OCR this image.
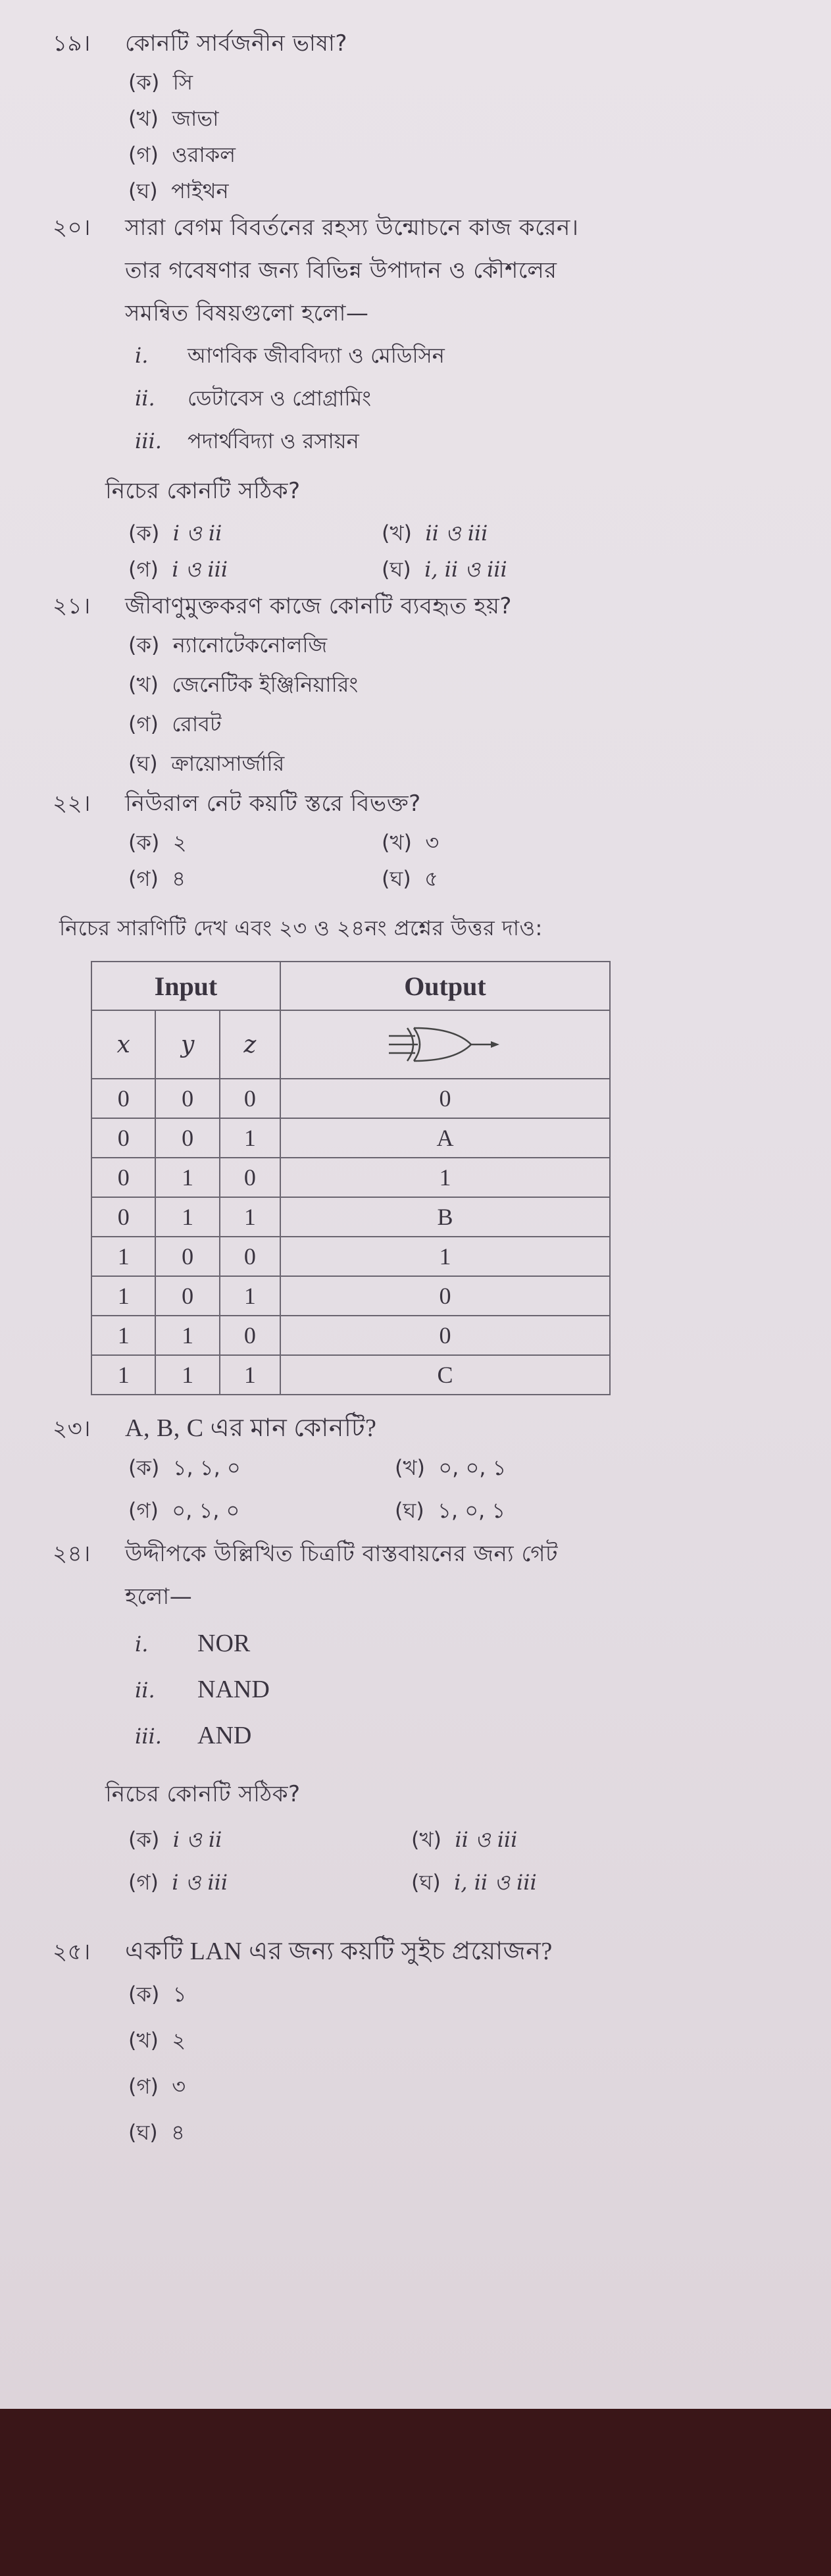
১৯। কোনটি সার্বজনীন ভাষা?
(ক) সি
(খ) জাভা
(গ) ওরাকল
(ঘ) পাইথন
২০। সারা বেগম বিবর্তনের রহস্য উন্মোচনে কাজ করেন।
তার গবেষণার জন্য বিভিন্ন উপাদান ও কৌশলের
সমন্বিত বিষয়গুলো হলো—
i. আণবিক জীববিদ্যা ও মেডিসিন
ii. ডেটাবেস ও প্রোগ্রামিং
iii. পদার্থবিদ্যা ও রসায়ন
নিচের কোনটি সঠিক?
(ক) i ও ii	(খ) ii ও iii
(গ) i ও iii	(ঘ) i, ii ও iii
২১। জীবাণুমুক্তকরণ কাজে কোনটি ব্যবহৃত হয়?
(ক) ন্যানোটেকনোলজি
(খ) জেনেটিক ইঞ্জিনিয়ারিং
(গ) রোবট
(ঘ) ক্রায়োসার্জারি
২২। নিউরাল নেট কয়টি স্তরে বিভক্ত?
(ক) ২	(খ) ৩
(গ) ৪	(ঘ) ৫
নিচের সারণিটি দেখ এবং ২৩ ও ২৪নং প্রশ্নের উত্তর দাও:
Input			Output
x	y	z	
0	0	0	0
0	0	1	A
0	1	0	1
0	1	1	B
1	0	0	1
1	0	1	0
1	1	0	0
1	1	1	C
২৩। A, B, C এর মান কোনটি?
(ক) ১, ১, ০	(খ) ০, ০, ১
(গ) ০, ১, ০	(ঘ) ১, ০, ১
২৪। উদ্দীপকে উল্লিখিত চিত্রটি বাস্তবায়নের জন্য গেট
হলো—
i. NOR
ii. NAND
iii. AND
নিচের কোনটি সঠিক?
(ক) i ও ii	(খ) ii ও iii
(গ) i ও iii	(ঘ) i, ii ও iii
২৫। একটি LAN এর জন্য কয়টি সুইচ প্রয়োজন?
(ক) ১
(খ) ২
(গ) ৩
(ঘ) ৪
